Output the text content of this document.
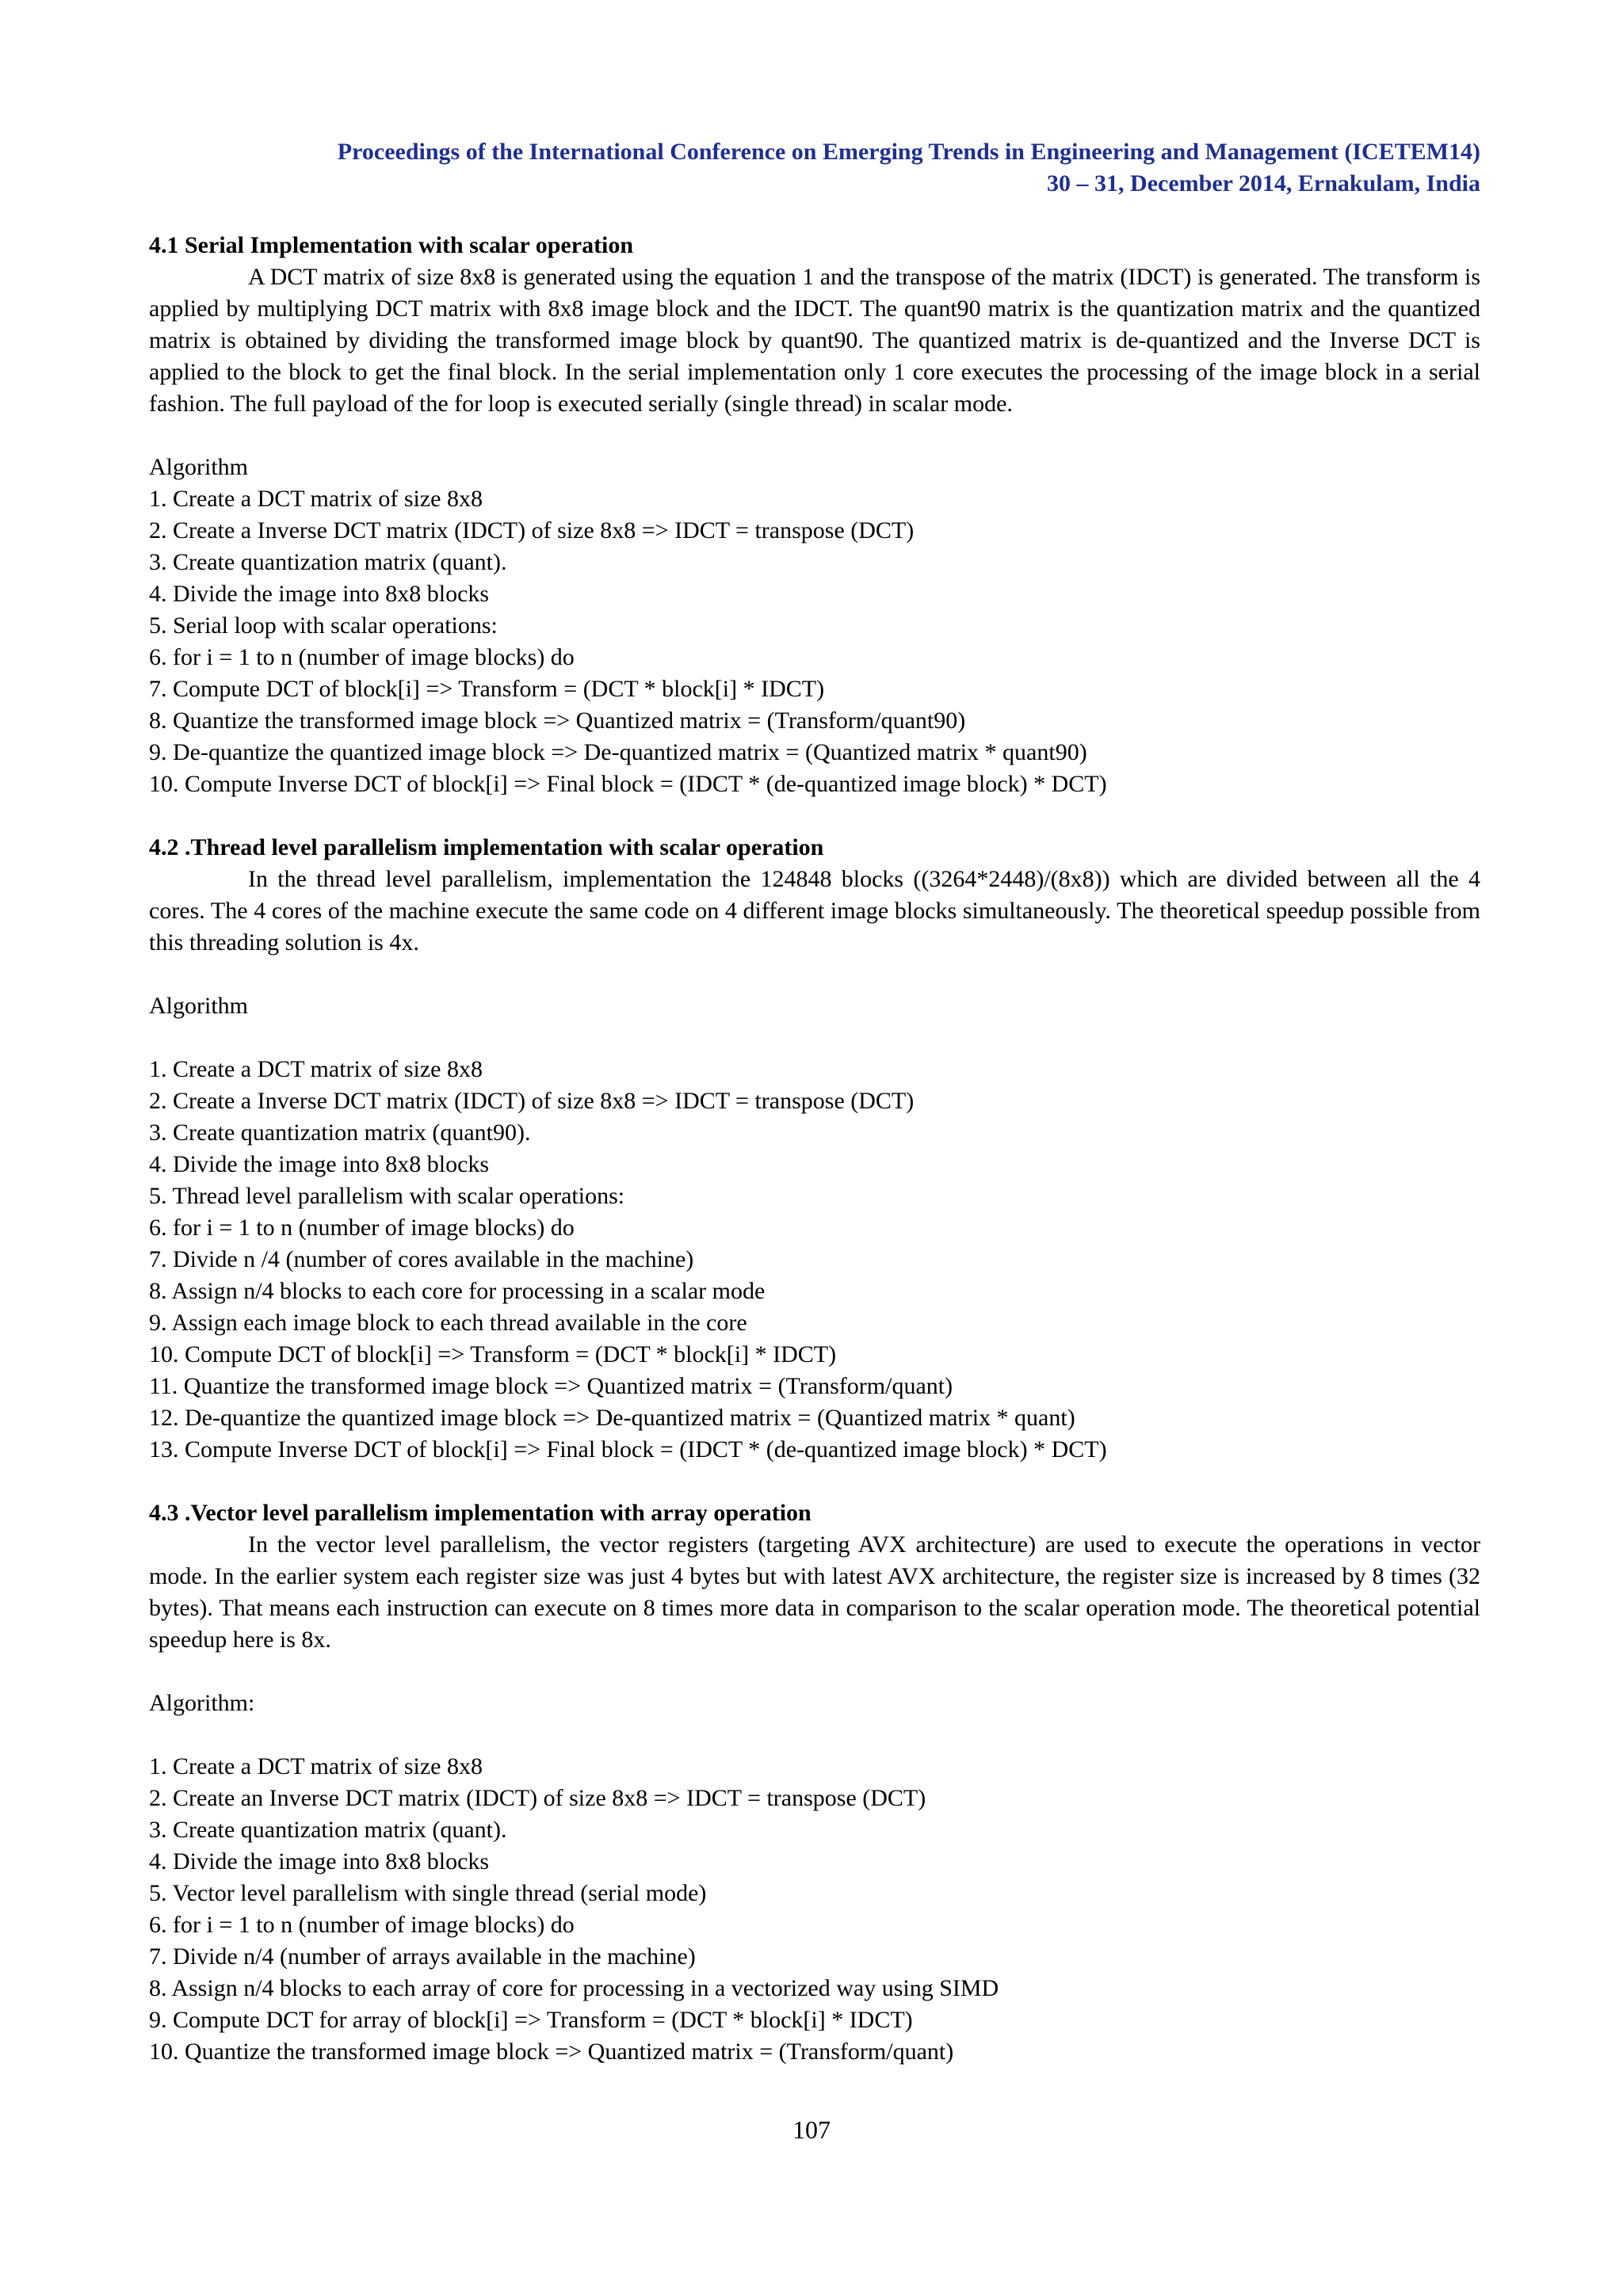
Proceedings of the International Conference on Emerging Trends in Engineering and Management (ICETEM14)
30 – 31, December 2014, Ernakulam, India

4.1 Serial Implementation with scalar operation

A DCT matrix of size 8x8 is generated using the equation 1 and the transpose of the matrix (IDCT) is generated. The transform is applied by multiplying DCT matrix with 8x8 image block and the IDCT. The quant90 matrix is the quantization matrix and the quantized matrix is obtained by dividing the transformed image block by quant90. The quantized matrix is de-quantized and the Inverse DCT is applied to the block to get the final block. In the serial implementation only 1 core executes the processing of the image block in a serial fashion. The full payload of the for loop is executed serially (single thread) in scalar mode.

Algorithm

1. Create a DCT matrix of size 8x8
2. Create a Inverse DCT matrix (IDCT) of size 8x8 => IDCT = transpose (DCT)
3. Create quantization matrix (quant).
4. Divide the image into 8x8 blocks
5. Serial loop with scalar operations:
6. for i = 1 to n (number of image blocks) do
7. Compute DCT of block[i] => Transform = (DCT * block[i] * IDCT)
8. Quantize the transformed image block => Quantized matrix = (Transform/quant90)
9. De-quantize the quantized image block => De-quantized matrix = (Quantized matrix * quant90)
10. Compute Inverse DCT of block[i] => Final block = (IDCT * (de-quantized image block) * DCT)

4.2 .Thread level parallelism implementation with scalar operation

In the thread level parallelism, implementation the 124848 blocks ((3264*2448)/(8x8)) which are divided between all the 4 cores. The 4 cores of the machine execute the same code on 4 different image blocks simultaneously. The theoretical speedup possible from this threading solution is 4x.

Algorithm

1. Create a DCT matrix of size 8x8
2. Create a Inverse DCT matrix (IDCT) of size 8x8 => IDCT = transpose (DCT)
3. Create quantization matrix (quant90).
4. Divide the image into 8x8 blocks
5. Thread level parallelism with scalar operations:
6. for i = 1 to n (number of image blocks) do
7. Divide n /4 (number of cores available in the machine)
8. Assign n/4 blocks to each core for processing in a scalar mode
9. Assign each image block to each thread available in the core
10. Compute DCT of block[i] => Transform = (DCT * block[i] * IDCT)
11. Quantize the transformed image block => Quantized matrix = (Transform/quant)
12. De-quantize the quantized image block => De-quantized matrix = (Quantized matrix * quant)
13. Compute Inverse DCT of block[i] => Final block = (IDCT * (de-quantized image block) * DCT)

4.3 .Vector level parallelism implementation with array operation

In the vector level parallelism, the vector registers (targeting AVX architecture) are used to execute the operations in vector mode. In the earlier system each register size was just 4 bytes but with latest AVX architecture, the register size is increased by 8 times (32 bytes). That means each instruction can execute on 8 times more data in comparison to the scalar operation mode. The theoretical potential speedup here is 8x.

Algorithm:

1. Create a DCT matrix of size 8x8
2. Create an Inverse DCT matrix (IDCT) of size 8x8 => IDCT = transpose (DCT)
3. Create quantization matrix (quant).
4. Divide the image into 8x8 blocks
5. Vector level parallelism with single thread (serial mode)
6. for i = 1 to n (number of image blocks) do
7. Divide n/4 (number of arrays available in the machine)
8. Assign n/4 blocks to each array of core for processing in a vectorized way using SIMD
9. Compute DCT for array of block[i] => Transform = (DCT * block[i] * IDCT)
10. Quantize the transformed image block => Quantized matrix = (Transform/quant)
107
